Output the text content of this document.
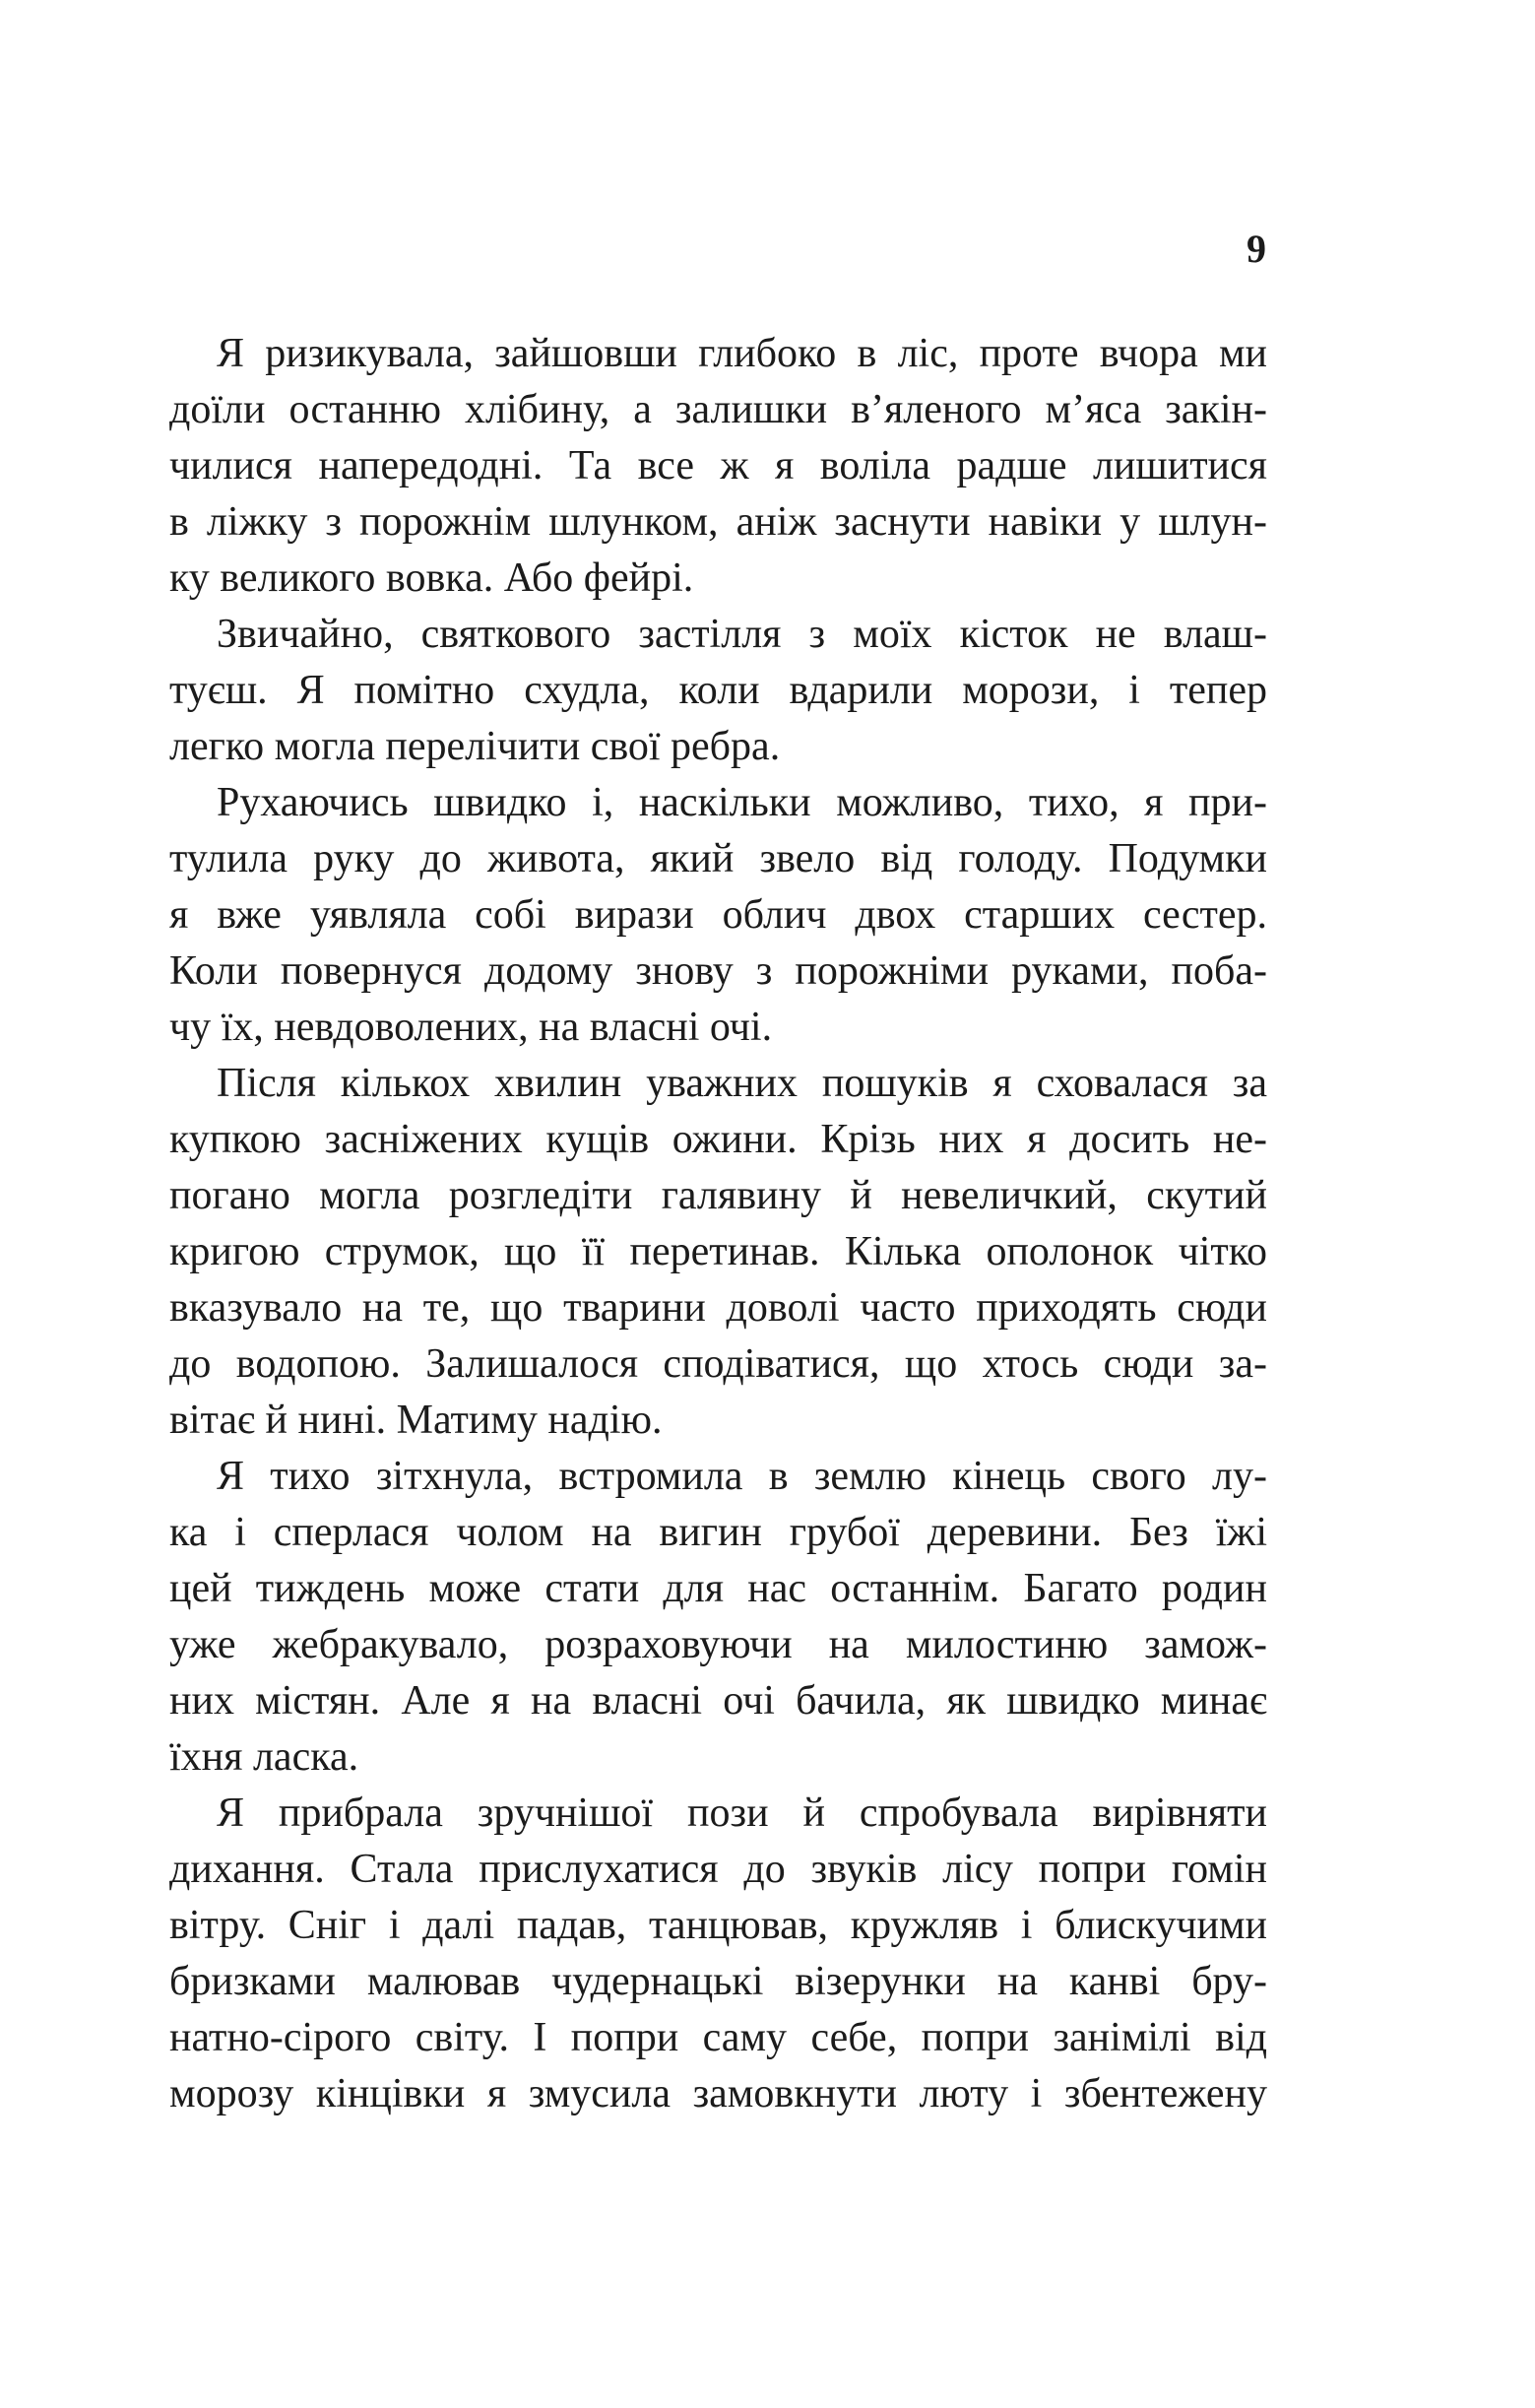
9
Я ризикувала, зайшовши глибоко в ліс, проте вчора ми
доїли останню хлібину, а залишки в’яленого м’яса закін-
чилися напередодні. Та все ж я воліла радше лишитися
в ліжку з порожнім шлунком, аніж заснути навіки у шлун-
ку великого вовка. Або фейрі.
Звичайно, святкового застілля з моїх кісток не влаш-
туєш. Я помітно схудла, коли вдарили морози, і тепер
легко могла перелічити свої ребра.
Рухаючись швидко і, наскільки можливо, тихо, я при-
тулила руку до живота, який звело від голоду. Подумки
я вже уявляла собі вирази облич двох старших сестер.
Коли повернуся додому знову з порожніми руками, поба-
чу їх, невдоволених, на власні очі.
Після кількох хвилин уважних пошуків я сховалася за
купкою засніжених кущів ожини. Крізь них я досить не-
погано могла розгледіти галявину й невеличкий, скутий
кригою струмок, що її перетинав. Кілька ополонок чітко
вказувало на те, що тварини доволі часто приходять сюди
до водопою. Залишалося сподіватися, що хтось сюди за-
вітає й нині. Матиму надію.
Я тихо зітхнула, встромила в землю кінець свого лу-
ка і сперлася чолом на вигин грубої деревини. Без їжі
цей тиждень може стати для нас останнім. Багато родин
уже жебракувало, розраховуючи на милостиню замож-
них містян. Але я на власні очі бачила, як швидко минає
їхня ласка.
Я прибрала зручнішої пози й спробувала вирівняти
дихання. Стала прислухатися до звуків лісу попри гомін
вітру. Сніг і далі падав, танцював, кружляв і блискучими
бризками малював чудернацькі візерунки на канві бру-
натно-сірого світу. І попри саму себе, попри занімілі від
морозу кінцівки я змусила замовкнути люту і збентежену
